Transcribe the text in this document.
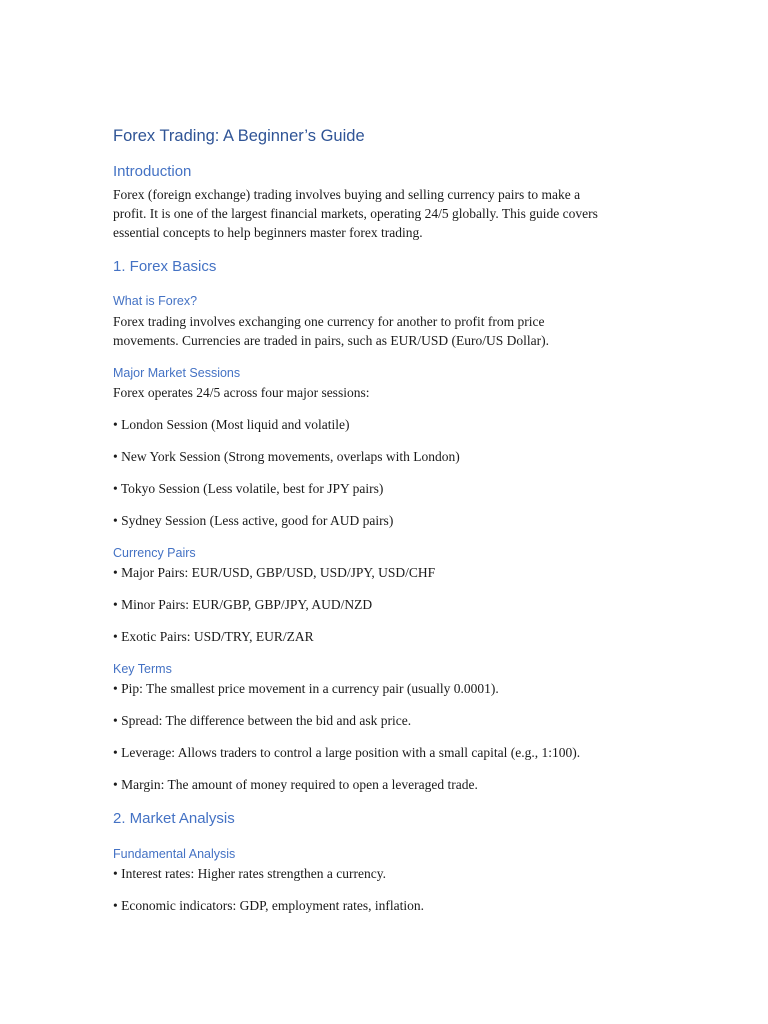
Forex Trading: A Beginner’s Guide
Introduction
Forex (foreign exchange) trading involves buying and selling currency pairs to make a
profit. It is one of the largest financial markets, operating 24/5 globally. This guide covers
essential concepts to help beginners master forex trading.
1. Forex Basics
What is Forex?
Forex trading involves exchanging one currency for another to profit from price
movements. Currencies are traded in pairs, such as EUR/USD (Euro/US Dollar).
Major Market Sessions
Forex operates 24/5 across four major sessions:
• London Session (Most liquid and volatile)
• New York Session (Strong movements, overlaps with London)
• Tokyo Session (Less volatile, best for JPY pairs)
• Sydney Session (Less active, good for AUD pairs)
Currency Pairs
• Major Pairs: EUR/USD, GBP/USD, USD/JPY, USD/CHF
• Minor Pairs: EUR/GBP, GBP/JPY, AUD/NZD
• Exotic Pairs: USD/TRY, EUR/ZAR
Key Terms
• Pip: The smallest price movement in a currency pair (usually 0.0001).
• Spread: The difference between the bid and ask price.
• Leverage: Allows traders to control a large position with a small capital (e.g., 1:100).
• Margin: The amount of money required to open a leveraged trade.
2. Market Analysis
Fundamental Analysis
• Interest rates: Higher rates strengthen a currency.
• Economic indicators: GDP, employment rates, inflation.
